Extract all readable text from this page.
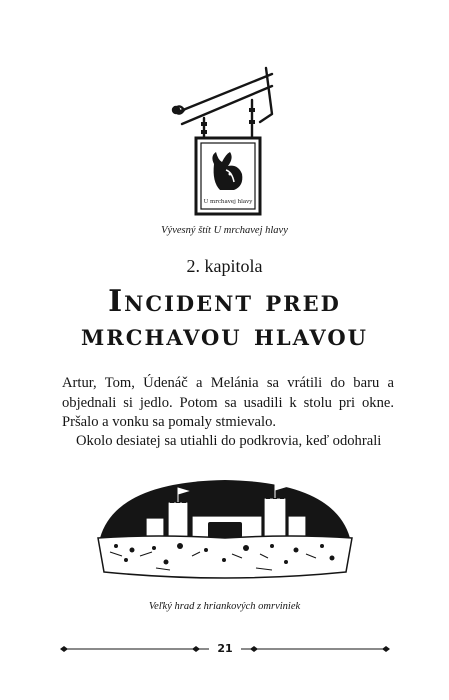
U mrchavej hlavy
Vývesný štít U mrchavej hlavy
2. kapitola
Incident pred
mrchavou hlavou

Artur, Tom, Údenáč a Melánia sa vrátili do baru a objednali si jedlo. Potom sa usadili k stolu pri okne. Pršalo a vonku sa pomaly stmievalo.

Okolo desiatej sa utiahli do podkrovia, keď odohrali

Veľký hrad z hriankových omrviniek
21
